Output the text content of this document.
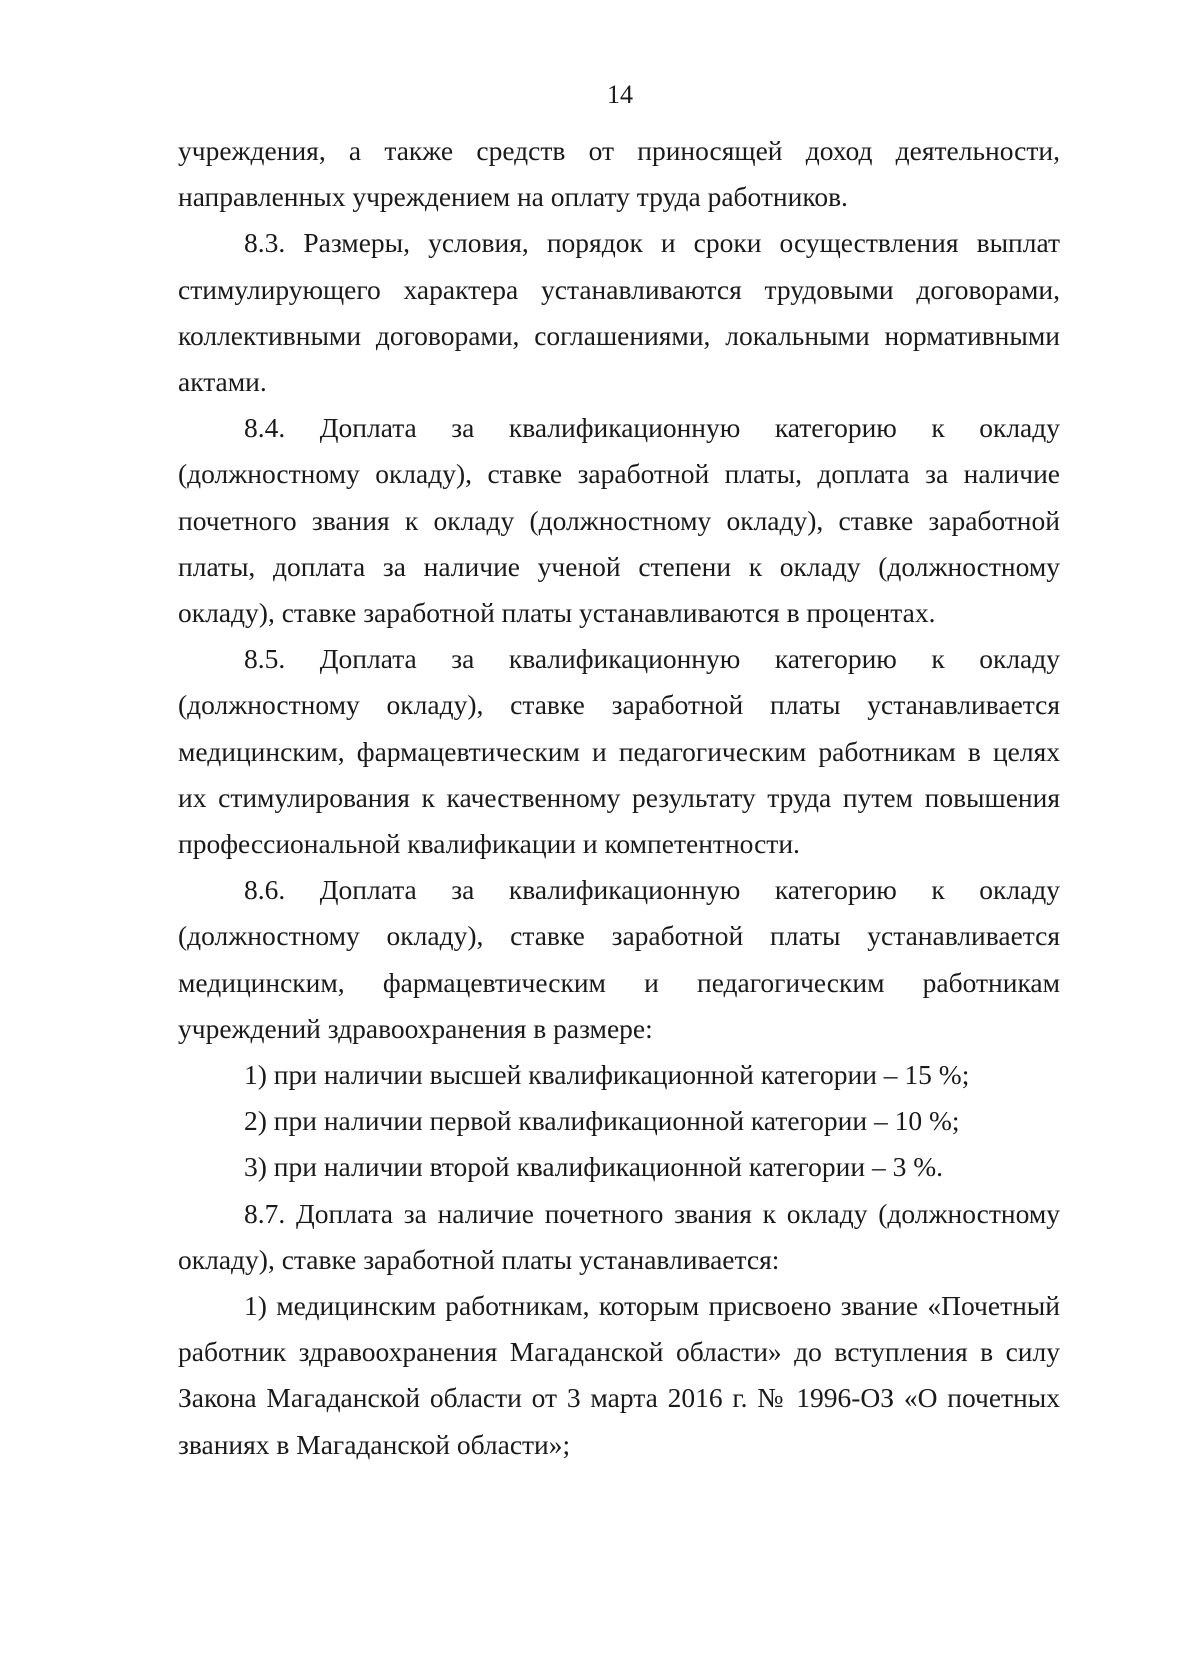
14

учреждения, а также средств от приносящей доход деятельности, направленных учреждением на оплату труда работников.

8.3. Размеры, условия, порядок и сроки осуществления выплат стимулирующего характера устанавливаются трудовыми договорами, коллективными договорами, соглашениями, локальными нормативными актами.

8.4. Доплата за квалификационную категорию к окладу (должностному окладу), ставке заработной платы, доплата за наличие почетного звания к окладу (должностному окладу), ставке заработной платы, доплата за наличие ученой степени к окладу (должностному окладу), ставке заработной платы устанавливаются в процентах.

8.5. Доплата за квалификационную категорию к окладу (должностному окладу), ставке заработной платы устанавливается медицинским, фармацевтическим и педагогическим работникам в целях их стимулирования к качественному результату труда путем повышения профессиональной квалификации и компетентности.

8.6. Доплата за квалификационную категорию к окладу (должностному окладу), ставке заработной платы устанавливается медицинским, фармацевтическим и педагогическим работникам учреждений здравоохранения в размере:

1) при наличии высшей квалификационной категории – 15 %;

2) при наличии первой квалификационной категории – 10 %;

3) при наличии второй квалификационной категории – 3 %.

8.7. Доплата за наличие почетного звания к окладу (должностному окладу), ставке заработной платы устанавливается:

1) медицинским работникам, которым присвоено звание «Почетный работник здравоохранения Магаданской области» до вступления в силу Закона Магаданской области от 3 марта 2016 г. № 1996-ОЗ «О почетных званиях в Магаданской области»;
